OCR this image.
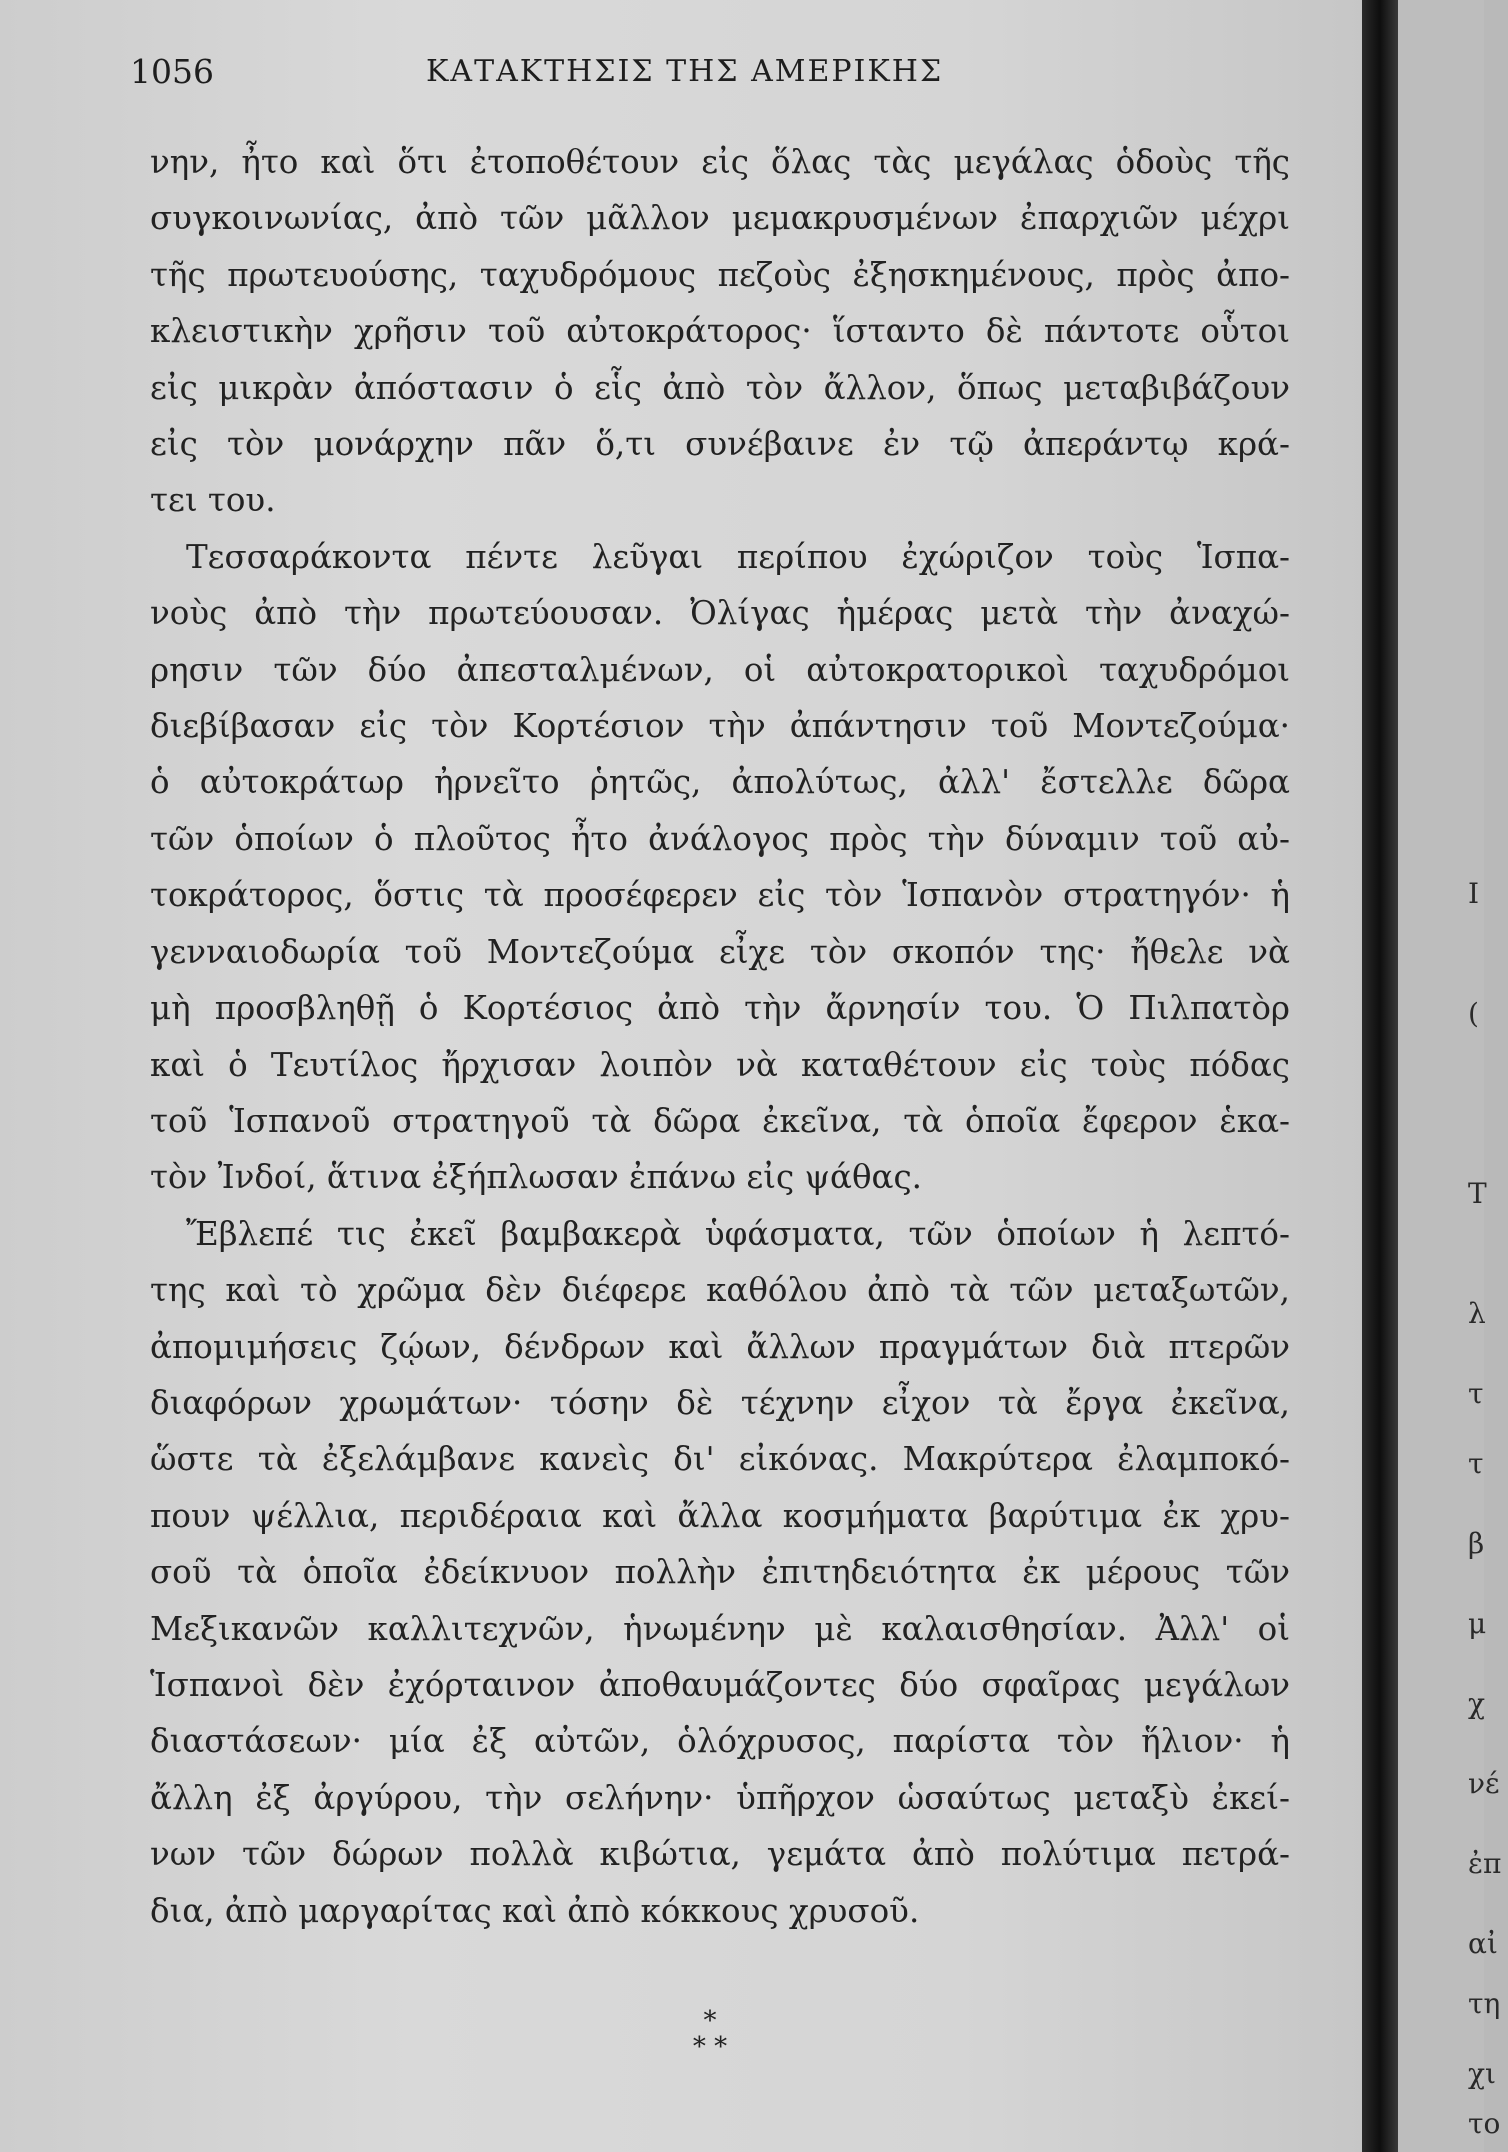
1056	ΚΑΤΑΚΤΗΣΙΣ ΤΗΣ ΑΜΕΡΙΚΗΣ

νην, ἦτο καὶ ὅτι ἐτοποθέτουν εἰς ὅλας τὰς μεγάλας ὁδοὺς τῆς
συγκοινωνίας, ἀπὸ τῶν μᾶλλον μεμακρυσμένων ἐπαρχιῶν μέχρι
τῆς πρωτευούσης, ταχυδρόμους πεζοὺς ἐξησκημένους, πρὸς ἀπο-
κλειστικὴν χρῆσιν τοῦ αὐτοκράτορος· ἵσταντο δὲ πάντοτε οὗτοι
εἰς μικρὰν ἀπόστασιν ὁ εἷς ἀπὸ τὸν ἄλλον, ὅπως μεταβιβάζουν
εἰς τὸν μονάρχην πᾶν ὅ,τι συνέβαινε ἐν τῷ ἀπεράντῳ κρά-
τει του.

Τεσσαράκοντα πέντε λεῦγαι περίπου ἐχώριζον τοὺς Ἱσπα-
νοὺς ἀπὸ τὴν πρωτεύουσαν. Ὀλίγας ἡμέρας μετὰ τὴν ἀναχώ-
ρησιν τῶν δύο ἀπεσταλμένων, οἱ αὐτοκρατορικοὶ ταχυδρόμοι
διεβίβασαν εἰς τὸν Κορτέσιον τὴν ἀπάντησιν τοῦ Μοντεζούμα·
ὁ αὐτοκράτωρ ἠρνεῖτο ῥητῶς, ἀπολύτως, ἀλλ' ἔστελλε δῶρα
τῶν ὁποίων ὁ πλοῦτος ἦτο ἀνάλογος πρὸς τὴν δύναμιν τοῦ αὐ-
τοκράτορος, ὅστις τὰ προσέφερεν εἰς τὸν Ἱσπανὸν στρατηγόν· ἡ
γενναιοδωρία τοῦ Μοντεζούμα εἶχε τὸν σκοπόν της· ἤθελε νὰ
μὴ προσβληθῇ ὁ Κορτέσιος ἀπὸ τὴν ἄρνησίν του. Ὁ Πιλπατὸρ
καὶ ὁ Τευτίλος ἤρχισαν λοιπὸν νὰ καταθέτουν εἰς τοὺς πόδας
τοῦ Ἱσπανοῦ στρατηγοῦ τὰ δῶρα ἐκεῖνα, τὰ ὁποῖα ἔφερον ἑκα-
τὸν Ἰνδοί, ἅτινα ἐξήπλωσαν ἐπάνω εἰς ψάθας.

Ἔβλεπέ τις ἐκεῖ βαμβακερὰ ὑφάσματα, τῶν ὁποίων ἡ λεπτό-
της καὶ τὸ χρῶμα δὲν διέφερε καθόλου ἀπὸ τὰ τῶν μεταξωτῶν,
ἀπομιμήσεις ζῴων, δένδρων καὶ ἄλλων πραγμάτων διὰ πτερῶν
διαφόρων χρωμάτων· τόσην δὲ τέχνην εἶχον τὰ ἔργα ἐκεῖνα,
ὥστε τὰ ἐξελάμβανε κανεὶς δι' εἰκόνας. Μακρύτερα ἐλαμποκό-
πουν ψέλλια, περιδέραια καὶ ἄλλα κοσμήματα βαρύτιμα ἐκ χρυ-
σοῦ τὰ ὁποῖα ἐδείκνυον πολλὴν ἐπιτηδειότητα ἐκ μέρους τῶν
Μεξικανῶν καλλιτεχνῶν, ἡνωμένην μὲ καλαισθησίαν. Ἀλλ' οἱ
Ἱσπανοὶ δὲν ἐχόρταινον ἀποθαυμάζοντες δύο σφαῖρας μεγάλων
διαστάσεων· μία ἐξ αὐτῶν, ὁλόχρυσος, παρίστα τὸν ἥλιον· ἡ
ἄλλη ἐξ ἀργύρου, τὴν σελήνην· ὑπῆρχον ὡσαύτως μεταξὺ ἐκεί-
νων τῶν δώρων πολλὰ κιβώτια, γεμάτα ἀπὸ πολύτιμα πετρά-
δια, ἀπὸ μαργαρίτας καὶ ἀπὸ κόκκους χρυσοῦ.

*
* *
Ι
(
Τ
λ
τ
τ
β
μ
χ
νέ
ἐπ
αἰ
τη
χι
το
